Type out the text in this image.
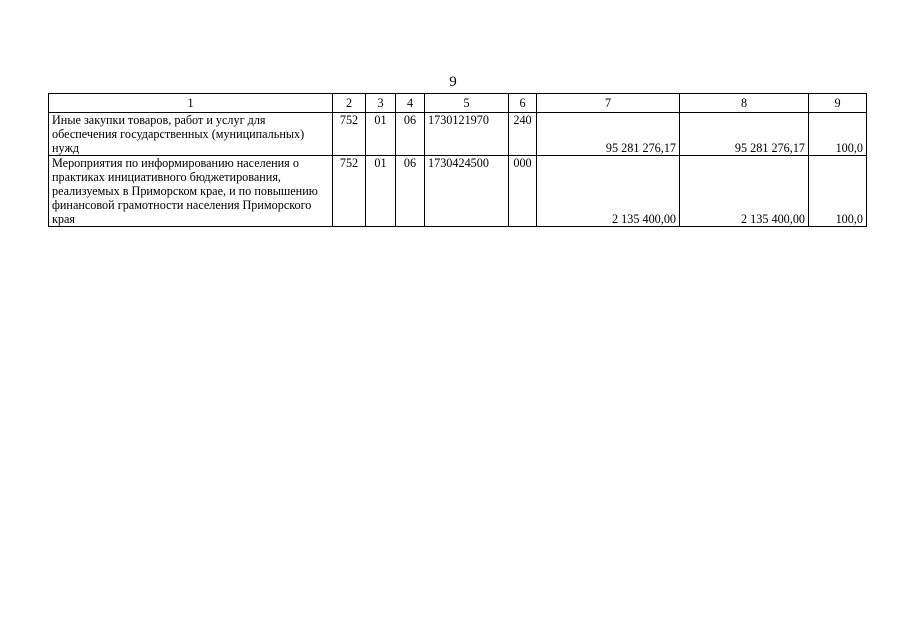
9
1	2	3	4	5	6	7	8	9
Иные закупки товаров, работ и услуг для обеспечения государственных (муниципальных) нужд	752	01	06	1730121970	240	95 281 276,17	95 281 276,17	100,0
Мероприятия по информированию населения о практиках инициативного бюджетирования, реализуемых в Приморском крае, и по повышению финансовой грамотности населения Приморского края	752	01	06	1730424500	000	2 135 400,00	2 135 400,00	100,0
